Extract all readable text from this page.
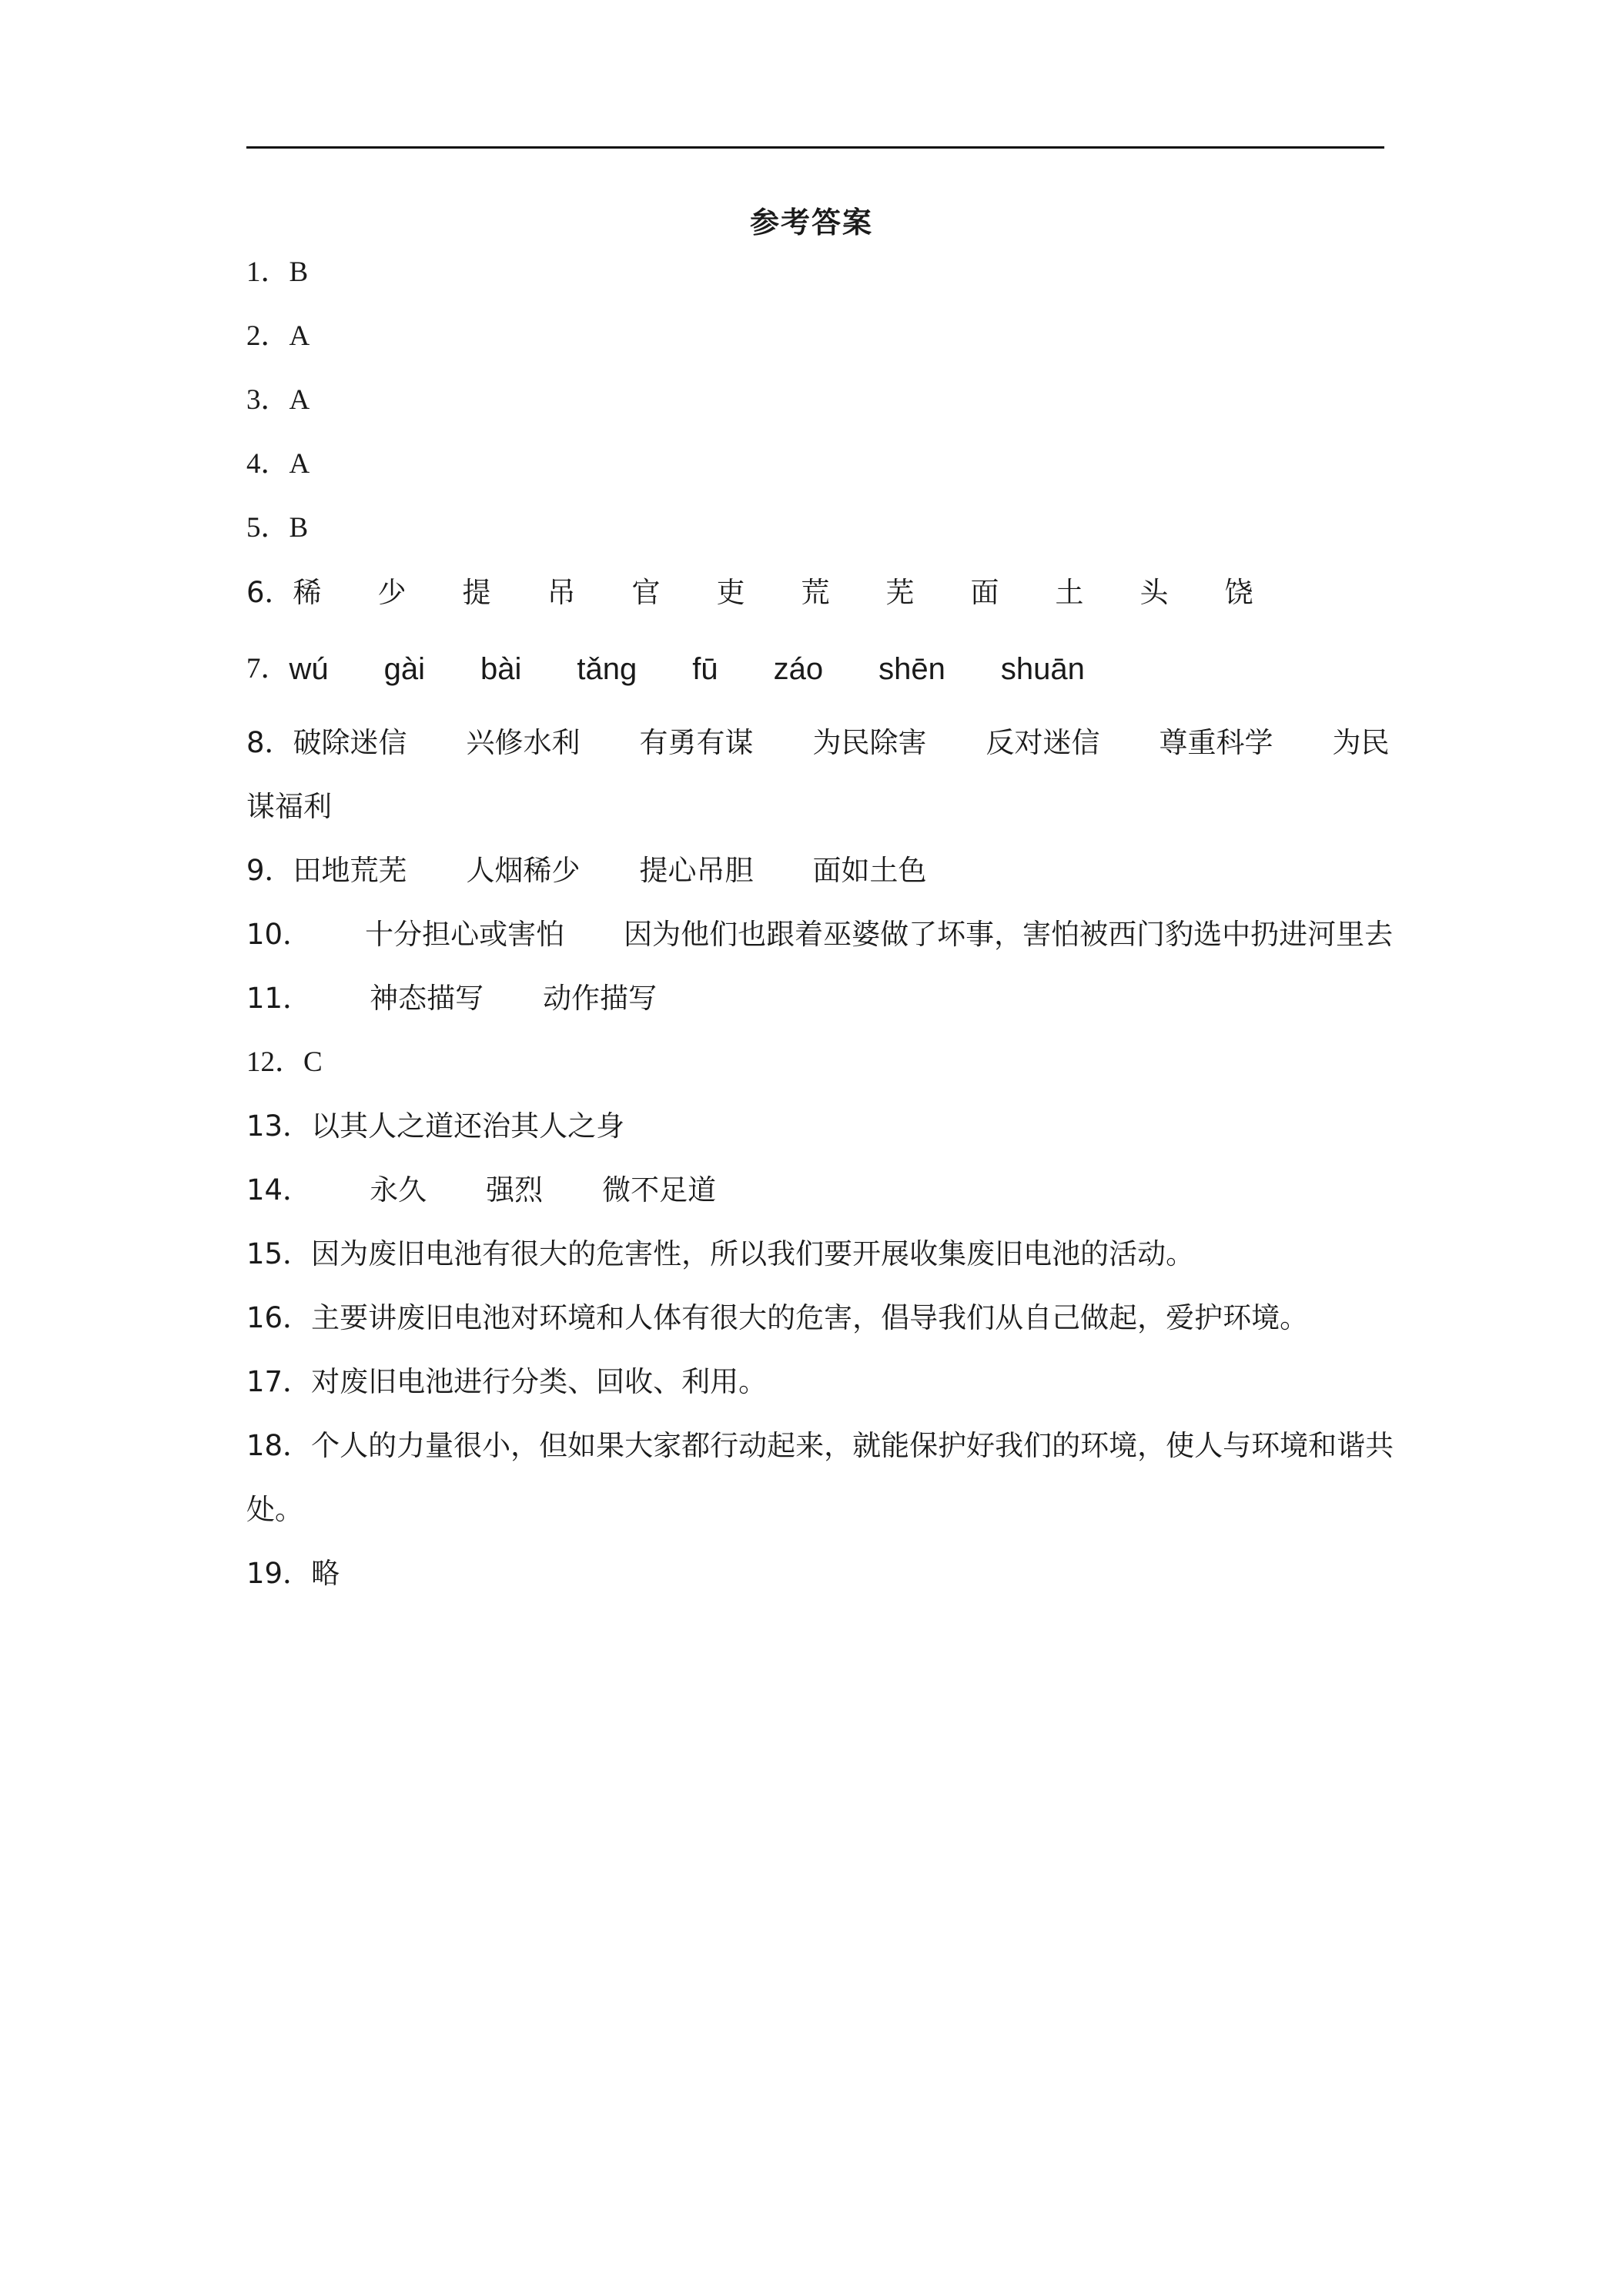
参考答案
1． B
2． A
3． A
4． A
5． B
6． 稀 少 提 吊 官 吏 荒 芜 面 土 头 饶
7． wú gài bài tǎng fū záo shēn shuān
8． 破除迷信 兴修水利 有勇有谋 为民除害 反对迷信 尊重科学 为民
谋福利
9． 田地荒芜 人烟稀少 提心吊胆 面如土色
10． 十分担心或害怕 因为他们也跟着巫婆做了坏事，害怕被西门豹选中扔进河里去
11． 神态描写 动作描写
12． C
13． 以其人之道还治其人之身
14． 永久 强烈 微不足道
15． 因为废旧电池有很大的危害性，所以我们要开展收集废旧电池的活动。
16． 主要讲废旧电池对环境和人体有很大的危害，倡导我们从自己做起，爱护环境。
17． 对废旧电池进行分类、回收、利用。
18． 个人的力量很小，但如果大家都行动起来，就能保护好我们的环境，使人与环境和谐共
处。
19． 略
